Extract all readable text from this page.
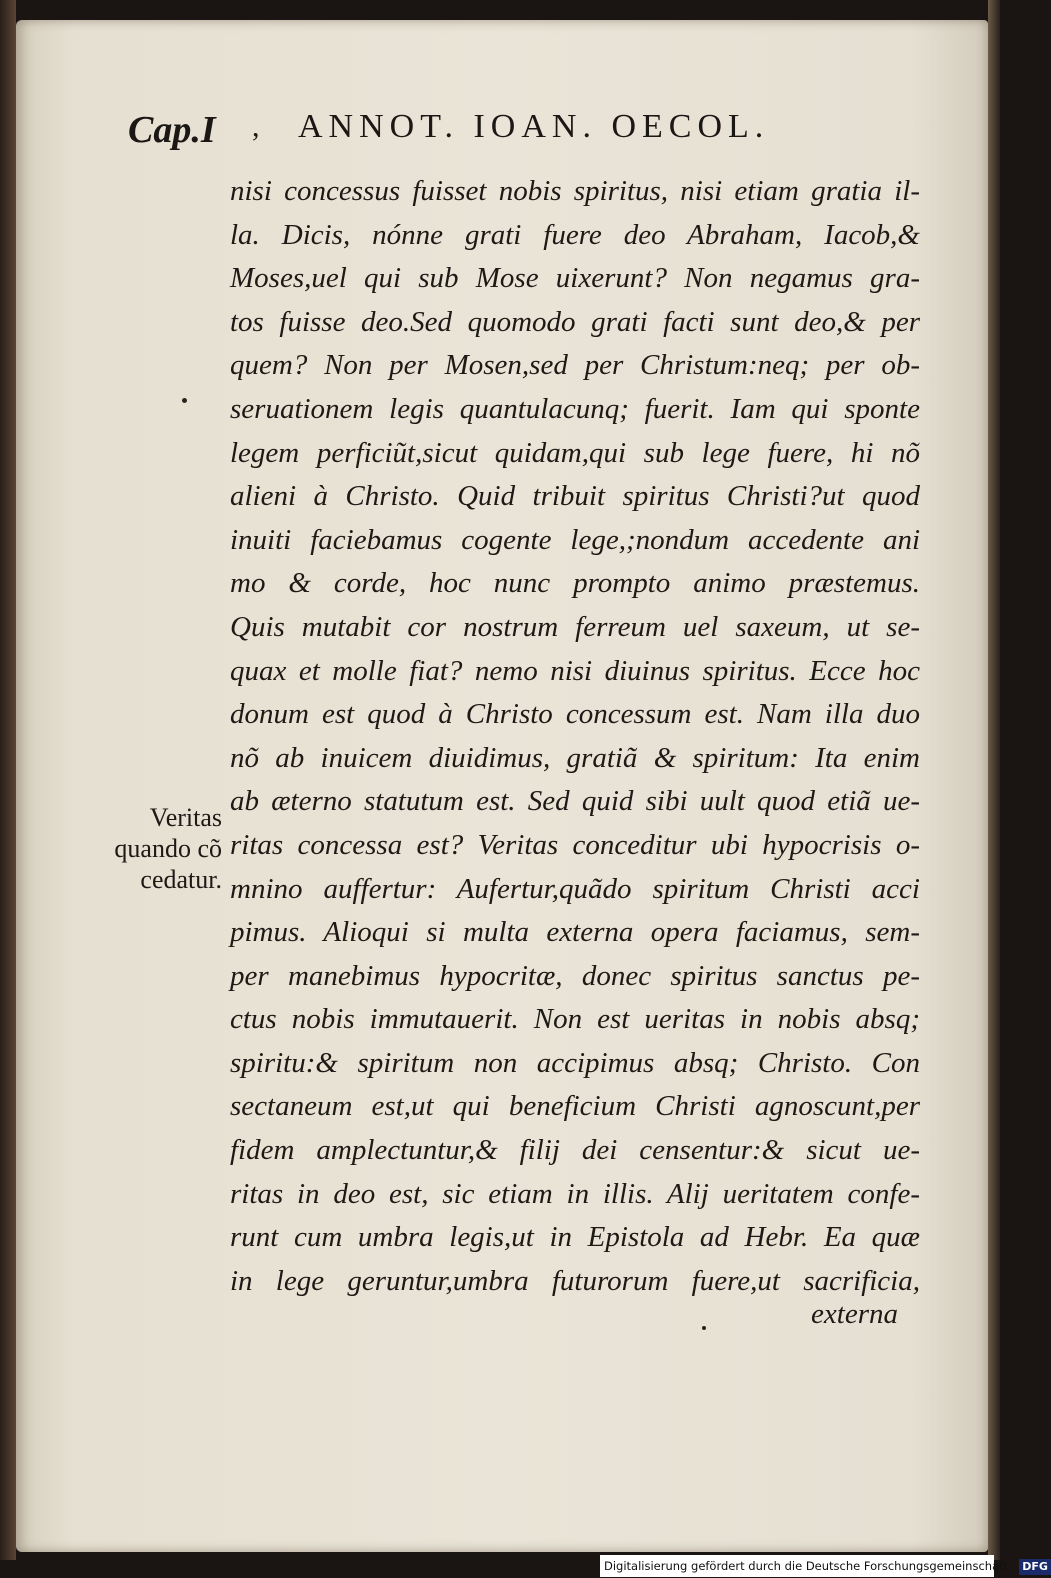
Cap.I , ANNOT. IOAN. OECOL.
nisi concessus fuisset nobis spiritus, nisi etiam gratia il-
la. Dicis, nónne grati fuere deo Abraham, Iacob,&
Moses,uel qui sub Mose uixerunt? Non negamus gra-
tos fuisse deo.Sed quomodo grati facti sunt deo,& per
quem? Non per Mosen,sed per Christum:neq; per ob-
seruationem legis quantulacunq; fuerit. Iam qui sponte
legem perficiũt,sicut quidam,qui sub lege fuere, hi nõ
alieni à Christo. Quid tribuit spiritus Christi?ut quod
inuiti faciebamus cogente lege,;nondum accedente ani
mo & corde, hoc nunc prompto animo præstemus.
Quis mutabit cor nostrum ferreum uel saxeum, ut se-
quax et molle fiat? nemo nisi diuinus spiritus. Ecce hoc
donum est quod à Christo concessum est. Nam illa duo
nõ ab inuicem diuidimus, gratiã & spiritum: Ita enim
ab æterno statutum est. Sed quid sibi uult quod etiã ue-
ritas concessa est? Veritas conceditur ubi hypocrisis o-
mnino auffertur: Aufertur,quãdo spiritum Christi acci
pimus. Alioqui si multa externa opera faciamus, sem-
per manebimus hypocritæ, donec spiritus sanctus pe-
ctus nobis immutauerit. Non est ueritas in nobis absq;
spiritu:& spiritum non accipimus absq; Christo. Con
sectaneum est,ut qui beneficium Christi agnoscunt,per
fidem amplectuntur,& filij dei censentur:& sicut ue-
ritas in deo est, sic etiam in illis. Alij ueritatem confe-
runt cum umbra legis,ut in Epistola ad Hebr. Ea quæ
in lege geruntur,umbra futurorum fuere,ut sacrificia,
externa
Veritas
quando cõ
cedatur.
Digitalisierung gefördert durch die Deutsche Forschungsgemeinschaft - DFG
